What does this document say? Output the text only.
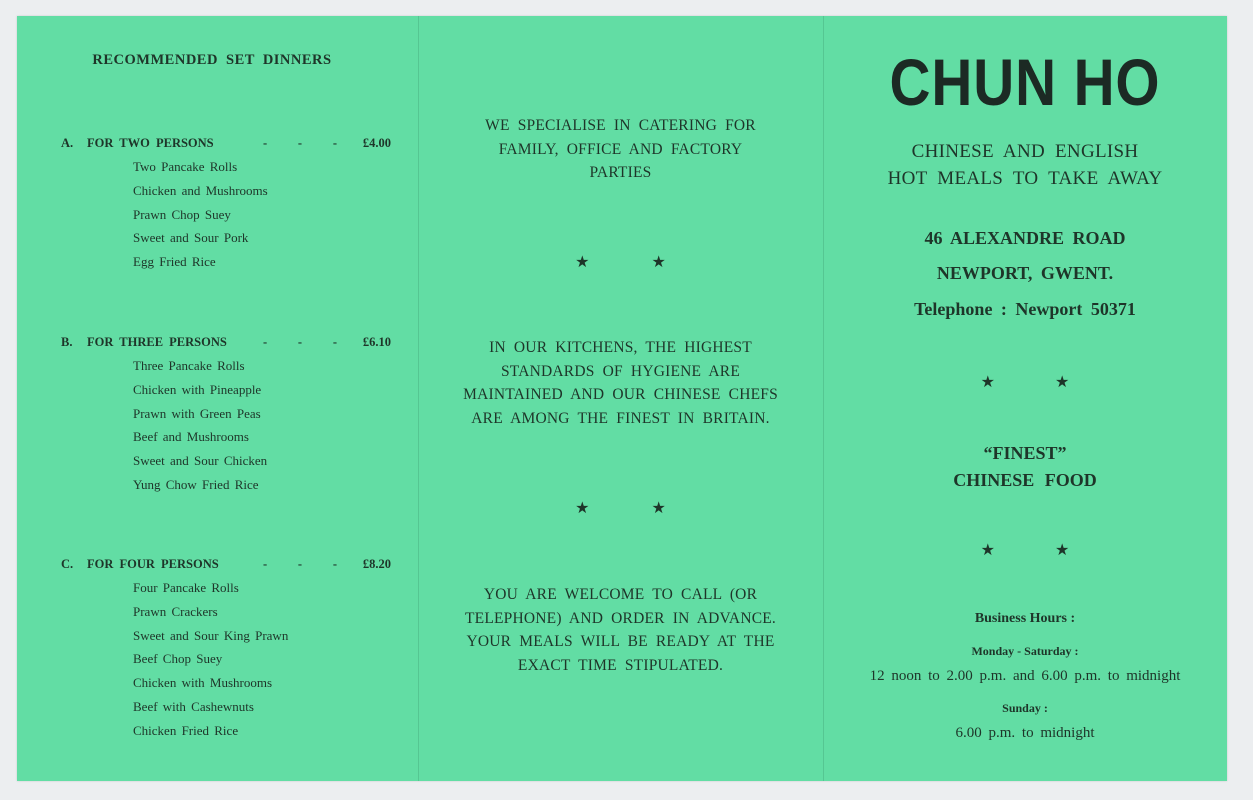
RECOMMENDED SET DINNERS
A.	FOR TWO PERSONS	- - - £4.00
Two Pancake Rolls
Chicken and Mushrooms
Prawn Chop Suey
Sweet and Sour Pork
Egg Fried Rice
B.	FOR THREE PERSONS	- - - £6.10
Three Pancake Rolls
Chicken with Pineapple
Prawn with Green Peas
Beef and Mushrooms
Sweet and Sour Chicken
Yung Chow Fried Rice
C.	FOR FOUR PERSONS	- - - £8.20
Four Pancake Rolls
Prawn Crackers
Sweet and Sour King Prawn
Beef Chop Suey
Chicken with Mushrooms
Beef with Cashewnuts
Chicken Fried Rice
WE SPECIALISE IN CATERING FOR
FAMILY, OFFICE AND FACTORY
PARTIES
★	★
IN OUR KITCHENS, THE HIGHEST
STANDARDS OF HYGIENE ARE
MAINTAINED AND OUR CHINESE CHEFS
ARE AMONG THE FINEST IN BRITAIN.
★	★
YOU ARE WELCOME TO CALL (OR
TELEPHONE) AND ORDER IN ADVANCE.
YOUR MEALS WILL BE READY AT THE
EXACT TIME STIPULATED.
CHUN HO
CHINESE AND ENGLISH
HOT MEALS TO TAKE AWAY
46 ALEXANDRE ROAD
NEWPORT, GWENT.
Telephone : Newport 50371
★	★
“FINEST”
CHINESE FOOD
★	★
Business Hours :
Monday - Saturday :
12 noon to 2.00 p.m. and 6.00 p.m. to midnight
Sunday :
6.00 p.m. to midnight
